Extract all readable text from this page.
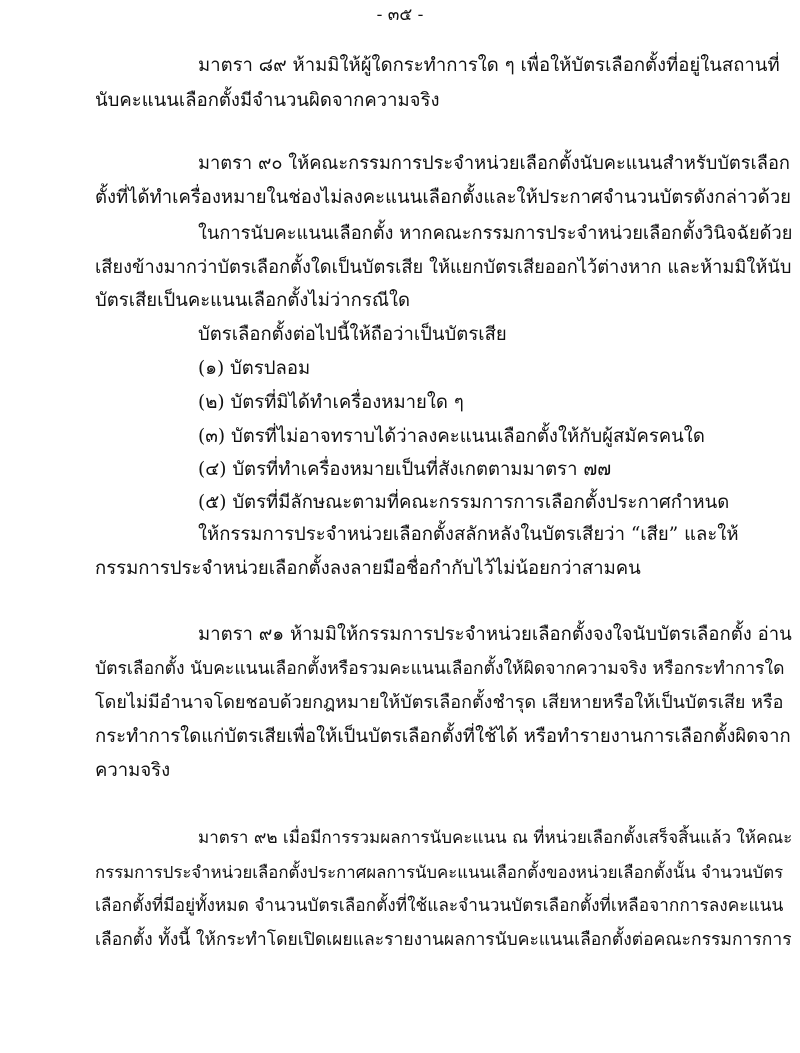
- ๓๕ -

มาตรา ๘๙ ห้ามมิให้ผู้ใดกระทำการใด ๆ เพื่อให้บัตรเลือกตั้งที่อยู่ในสถานที่

นับคะแนนเลือกตั้งมีจำนวนผิดจากความจริง

มาตรา ๙๐ ให้คณะกรรมการประจำหน่วยเลือกตั้งนับคะแนนสำหรับบัตรเลือก

ตั้งที่ได้ทำเครื่องหมายในช่องไม่ลงคะแนนเลือกตั้งและให้ประกาศจำนวนบัตรดังกล่าวด้วย

ในการนับคะแนนเลือกตั้ง หากคณะกรรมการประจำหน่วยเลือกตั้งวินิจฉัยด้วย

เสียงข้างมากว่าบัตรเลือกตั้งใดเป็นบัตรเสีย ให้แยกบัตรเสียออกไว้ต่างหาก และห้ามมิให้นับ

บัตรเสียเป็นคะแนนเลือกตั้งไม่ว่ากรณีใด

บัตรเลือกตั้งต่อไปนี้ให้ถือว่าเป็นบัตรเสีย

(๑) บัตรปลอม

(๒) บัตรที่มิได้ทำเครื่องหมายใด ๆ

(๓) บัตรที่ไม่อาจทราบได้ว่าลงคะแนนเลือกตั้งให้กับผู้สมัครคนใด

(๔) บัตรที่ทำเครื่องหมายเป็นที่สังเกตตามมาตรา ๗๗

(๕) บัตรที่มีลักษณะตามที่คณะกรรมการการเลือกตั้งประกาศกำหนด

ให้กรรมการประจำหน่วยเลือกตั้งสลักหลังในบัตรเสียว่า “เสีย” และให้

กรรมการประจำหน่วยเลือกตั้งลงลายมือชื่อกำกับไว้ไม่น้อยกว่าสามคน

มาตรา ๙๑ ห้ามมิให้กรรมการประจำหน่วยเลือกตั้งจงใจนับบัตรเลือกตั้ง อ่าน

บัตรเลือกตั้ง นับคะแนนเลือกตั้งหรือรวมคะแนนเลือกตั้งให้ผิดจากความจริง หรือกระทำการใด

โดยไม่มีอำนาจโดยชอบด้วยกฎหมายให้บัตรเลือกตั้งชำรุด เสียหายหรือให้เป็นบัตรเสีย หรือ

กระทำการใดแก่บัตรเสียเพื่อให้เป็นบัตรเลือกตั้งที่ใช้ได้ หรือทำรายงานการเลือกตั้งผิดจาก

ความจริง

มาตรา ๙๒ เมื่อมีการรวมผลการนับคะแนน ณ ที่หน่วยเลือกตั้งเสร็จสิ้นแล้ว ให้คณะ

กรรมการประจำหน่วยเลือกตั้งประกาศผลการนับคะแนนเลือกตั้งของหน่วยเลือกตั้งนั้น จำนวนบัตร

เลือกตั้งที่มีอยู่ทั้งหมด จำนวนบัตรเลือกตั้งที่ใช้และจำนวนบัตรเลือกตั้งที่เหลือจากการลงคะแนน

เลือกตั้ง ทั้งนี้ ให้กระทำโดยเปิดเผยและรายงานผลการนับคะแนนเลือกตั้งต่อคณะกรรมการการ
